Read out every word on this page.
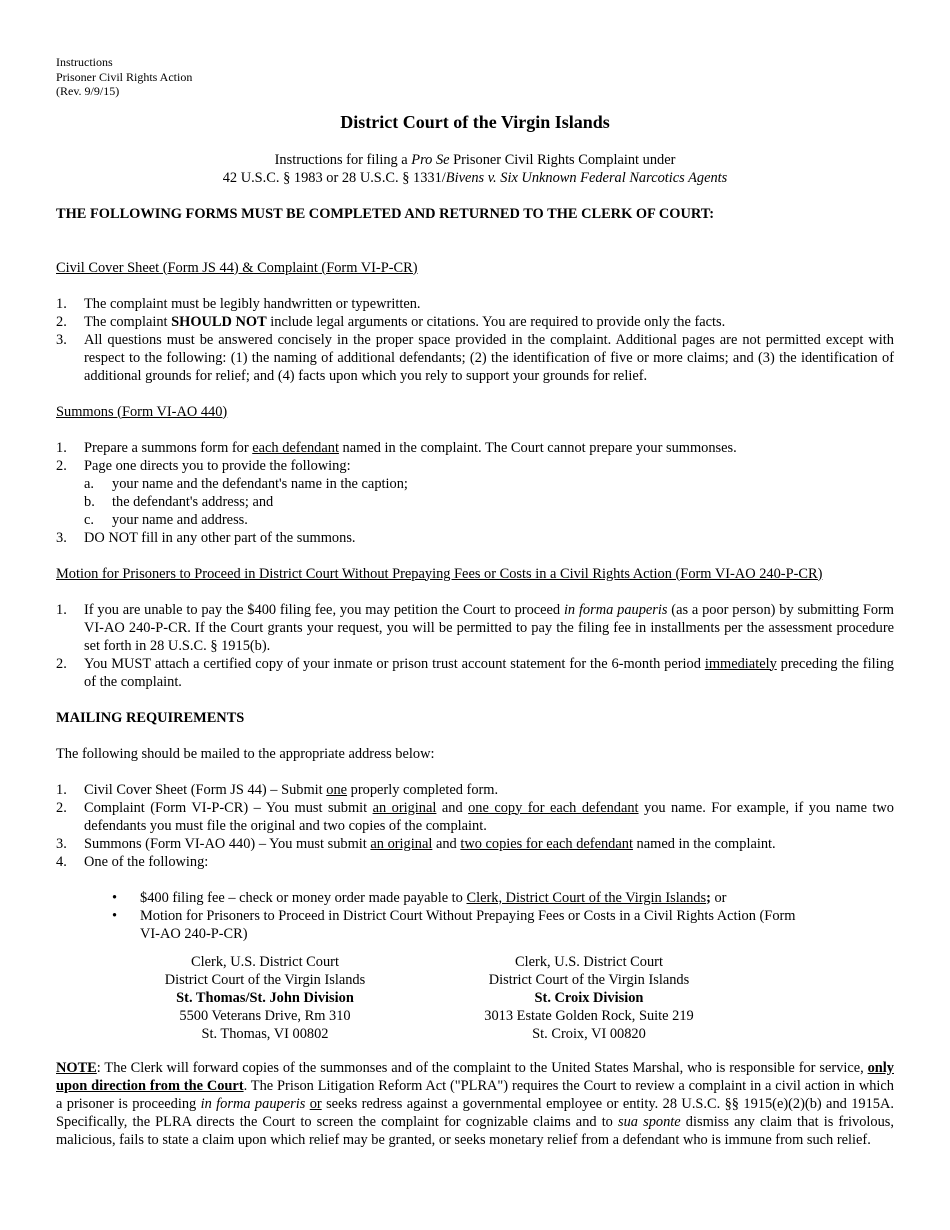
Instructions
Prisoner Civil Rights Action
(Rev. 9/9/15)
District Court of the Virgin Islands
Instructions for filing a Pro Se Prisoner Civil Rights Complaint under
42 U.S.C. § 1983 or 28 U.S.C. § 1331/Bivens v. Six Unknown Federal Narcotics Agents
THE FOLLOWING FORMS MUST BE COMPLETED AND RETURNED TO THE CLERK OF COURT:
Civil Cover Sheet (Form JS 44) & Complaint (Form VI-P-CR)
1. The complaint must be legibly handwritten or typewritten.
2. The complaint SHOULD NOT include legal arguments or citations. You are required to provide only the facts.
3. All questions must be answered concisely in the proper space provided in the complaint. Additional pages are not permitted except with respect to the following: (1) the naming of additional defendants; (2) the identification of five or more claims; and (3) the identification of additional grounds for relief; and (4) facts upon which you rely to support your grounds for relief.
Summons (Form VI-AO 440)
1. Prepare a summons form for each defendant named in the complaint. The Court cannot prepare your summonses.
2. Page one directs you to provide the following:
a. your name and the defendant's name in the caption;
b. the defendant's address; and
c. your name and address.
3. DO NOT fill in any other part of the summons.
Motion for Prisoners to Proceed in District Court Without Prepaying Fees or Costs in a Civil Rights Action (Form VI-AO 240-P-CR)
1. If you are unable to pay the $400 filing fee, you may petition the Court to proceed in forma pauperis (as a poor person) by submitting Form VI-AO 240-P-CR. If the Court grants your request, you will be permitted to pay the filing fee in installments per the assessment procedure set forth in 28 U.S.C. § 1915(b).
2. You MUST attach a certified copy of your inmate or prison trust account statement for the 6-month period immediately preceding the filing of the complaint.
MAILING REQUIREMENTS
The following should be mailed to the appropriate address below:
1. Civil Cover Sheet (Form JS 44) – Submit one properly completed form.
2. Complaint (Form VI-P-CR) – You must submit an original and one copy for each defendant you name. For example, if you name two defendants you must file the original and two copies of the complaint.
3. Summons (Form VI-AO 440) – You must submit an original and two copies for each defendant named in the complaint.
4. One of the following:
• $400 filing fee – check or money order made payable to Clerk, District Court of the Virgin Islands; or
• Motion for Prisoners to Proceed in District Court Without Prepaying Fees or Costs in a Civil Rights Action (Form VI-AO 240-P-CR)
Clerk, U.S. District Court
District Court of the Virgin Islands
St. Thomas/St. John Division
5500 Veterans Drive, Rm 310
St. Thomas, VI 00802
Clerk, U.S. District Court
District Court of the Virgin Islands
St. Croix Division
3013 Estate Golden Rock, Suite 219
St. Croix, VI 00820
NOTE: The Clerk will forward copies of the summonses and of the complaint to the United States Marshal, who is responsible for service, only upon direction from the Court. The Prison Litigation Reform Act ("PLRA") requires the Court to review a complaint in a civil action in which a prisoner is proceeding in forma pauperis or seeks redress against a governmental employee or entity. 28 U.S.C. §§ 1915(e)(2)(b) and 1915A. Specifically, the PLRA directs the Court to screen the complaint for cognizable claims and to sua sponte dismiss any claim that is frivolous, malicious, fails to state a claim upon which relief may be granted, or seeks monetary relief from a defendant who is immune from such relief.
